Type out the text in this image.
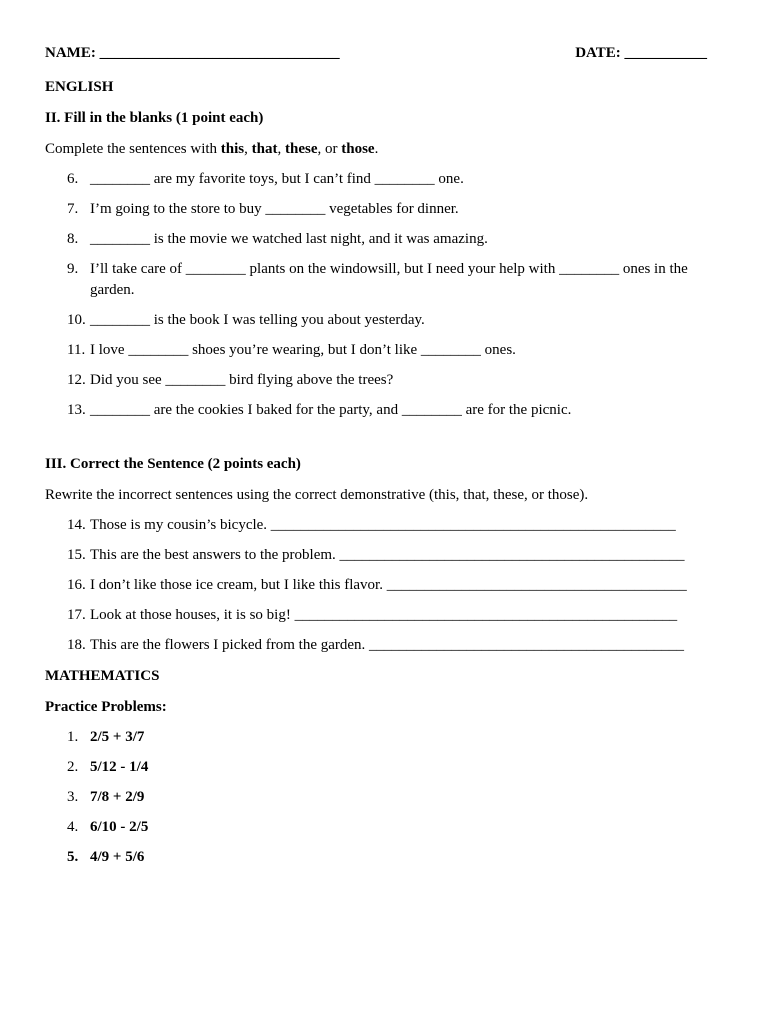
NAME: ________________________________	DATE: ___________

ENGLISH

II. Fill in the blanks (1 point each)

Complete the sentences with this, that, these, or those.

6. ________ are my favorite toys, but I can’t find ________ one.
7. I’m going to the store to buy ________ vegetables for dinner.
8. ________ is the movie we watched last night, and it was amazing.
9. I’ll take care of ________ plants on the windowsill, but I need your help with ________ ones in the garden.
10. ________ is the book I was telling you about yesterday.
11. I love ________ shoes you’re wearing, but I don’t like ________ ones.
12. Did you see ________ bird flying above the trees?
13. ________ are the cookies I baked for the party, and ________ are for the picnic.

III. Correct the Sentence (2 points each)

Rewrite the incorrect sentences using the correct demonstrative (this, that, these, or those).

14. Those is my cousin’s bicycle. ______________________________________________________
15. This are the best answers to the problem. ______________________________________________
16. I don’t like those ice cream, but I like this flavor. ________________________________________
17. Look at those houses, it is so big! ___________________________________________________
18. This are the flowers I picked from the garden. __________________________________________

MATHEMATICS

Practice Problems:

1. 2/5 + 3/7
2. 5/12 - 1/4
3. 7/8 + 2/9
4. 6/10 - 2/5
5. 4/9 + 5/6
